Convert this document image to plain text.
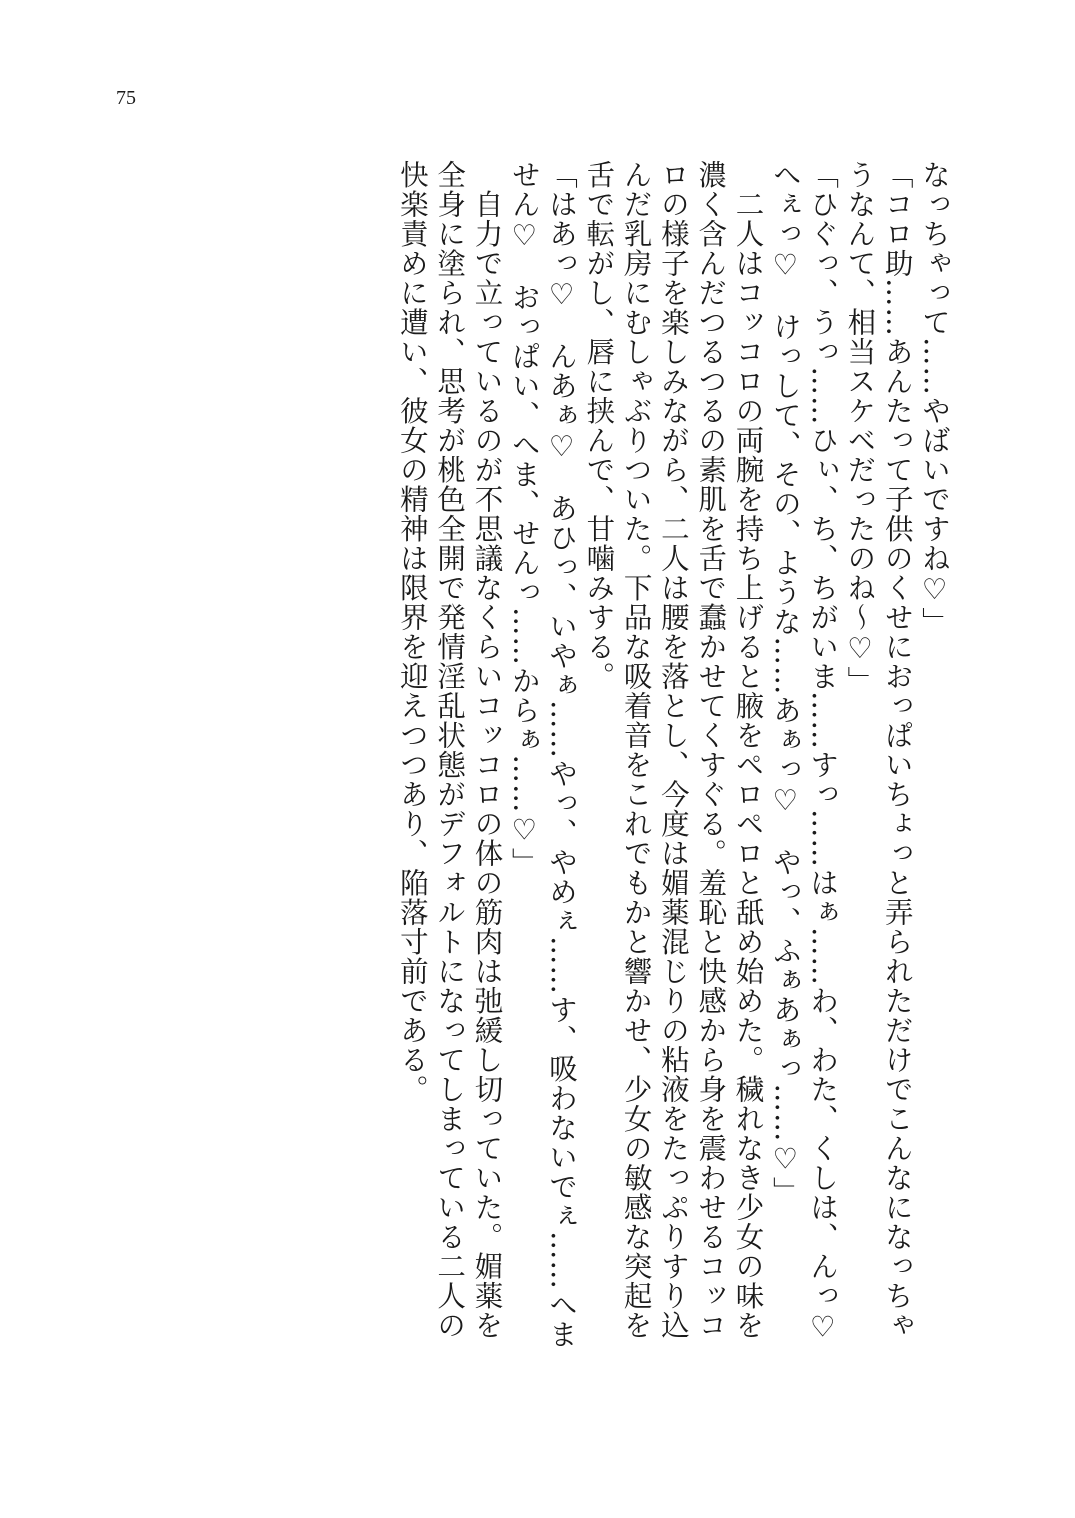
75

なっちゃって……やばいですね♡」

「コロ助……あんたって子供のくせにおっぱいちょっと弄られただけでこんなになっちゃ

うなんて、相当スケベだったのね～♡」

「ひぐっ、うっ……ひぃ、ち、ちがいま……すっ……はぁ……わ、わた、くしは、んっ♡

へぇっ♡　けっして、その、ような……あぁっ♡　やっ、ふぁあぁっ……♡」

　二人はコッコロの両腕を持ち上げると腋をペロペロと舐め始めた。穢れなき少女の味を

濃く含んだつるつるの素肌を舌で蠢かせてくすぐる。羞恥と快感から身を震わせるコッコ

ロの様子を楽しみながら、二人は腰を落とし、今度は媚薬混じりの粘液をたっぷりすり込

んだ乳房にむしゃぶりついた。下品な吸着音をこれでもかと響かせ、少女の敏感な突起を

舌で転がし、唇に挟んで、甘噛みする。

「はあっ♡　んあぁ♡　あひっ、いやぁ……やっ、やめぇ……す、吸わないでぇ……へま

せん♡　おっぱい、へま、せんっ……からぁ……♡」

　自力で立っているのが不思議なくらいコッコロの体の筋肉は弛緩し切っていた。媚薬を

全身に塗られ、思考が桃色全開で発情淫乱状態がデフォルトになってしまっている二人の

快楽責めに遭い、彼女の精神は限界を迎えつつあり、陥落寸前である。
